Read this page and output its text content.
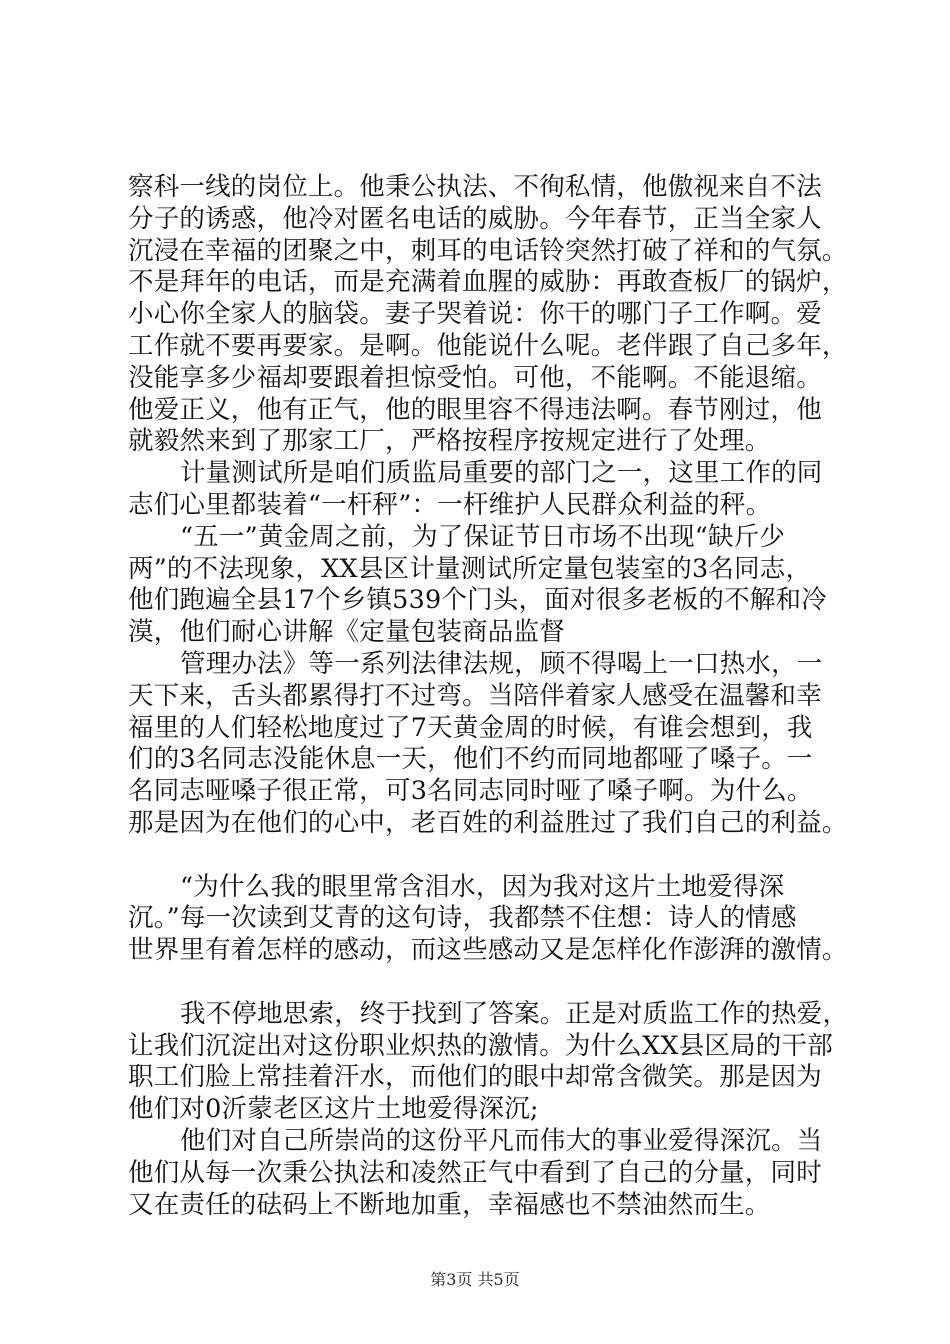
察科一线的岗位上。他秉公执法、不徇私情，他傲视来自不法
分子的诱惑，他冷对匿名电话的威胁。今年春节，正当全家人
沉浸在幸福的团聚之中，刺耳的电话铃突然打破了祥和的气氛。
不是拜年的电话，而是充满着血腥的威胁：再敢查板厂的锅炉，
小心你全家人的脑袋。妻子哭着说：你干的哪门子工作啊。爱
工作就不要再要家。是啊。他能说什么呢。老伴跟了自己多年，
没能享多少福却要跟着担惊受怕。可他，不能啊。不能退缩。
他爱正义，他有正气，他的眼里容不得违法啊。春节刚过，他
就毅然来到了那家工厂，严格按程序按规定进行了处理。
计量测试所是咱们质监局重要的部门之一，这里工作的同
志们心里都装着“一杆秤”：一杆维护人民群众利益的秤。
“五一”黄金周之前，为了保证节日市场不出现“缺斤少
两”的不法现象，XX县区计量测试所定量包装室的3名同志，
他们跑遍全县17个乡镇539个门头，面对很多老板的不解和冷
漠，他们耐心讲解《定量包装商品监督
管理办法》等一系列法律法规，顾不得喝上一口热水，一
天下来，舌头都累得打不过弯。当陪伴着家人感受在温馨和幸
福里的人们轻松地度过了7天黄金周的时候，有谁会想到，我
们的3名同志没能休息一天，他们不约而同地都哑了嗓子。一
名同志哑嗓子很正常，可3名同志同时哑了嗓子啊。为什么。
那是因为在他们的心中，老百姓的利益胜过了我们自己的利益。
“为什么我的眼里常含泪水，因为我对这片土地爱得深
沉。”每一次读到艾青的这句诗，我都禁不住想：诗人的情感
世界里有着怎样的感动，而这些感动又是怎样化作澎湃的激情。
我不停地思索，终于找到了答案。正是对质监工作的热爱，
让我们沉淀出对这份职业炽热的激情。为什么XX县区局的干部
职工们脸上常挂着汗水，而他们的眼中却常含微笑。那是因为
他们对0沂蒙老区这片土地爱得深沉;
他们对自己所崇尚的这份平凡而伟大的事业爱得深沉。当
他们从每一次秉公执法和凌然正气中看到了自己的分量，同时
又在责任的砝码上不断地加重，幸福感也不禁油然而生。
第3页 共5页
